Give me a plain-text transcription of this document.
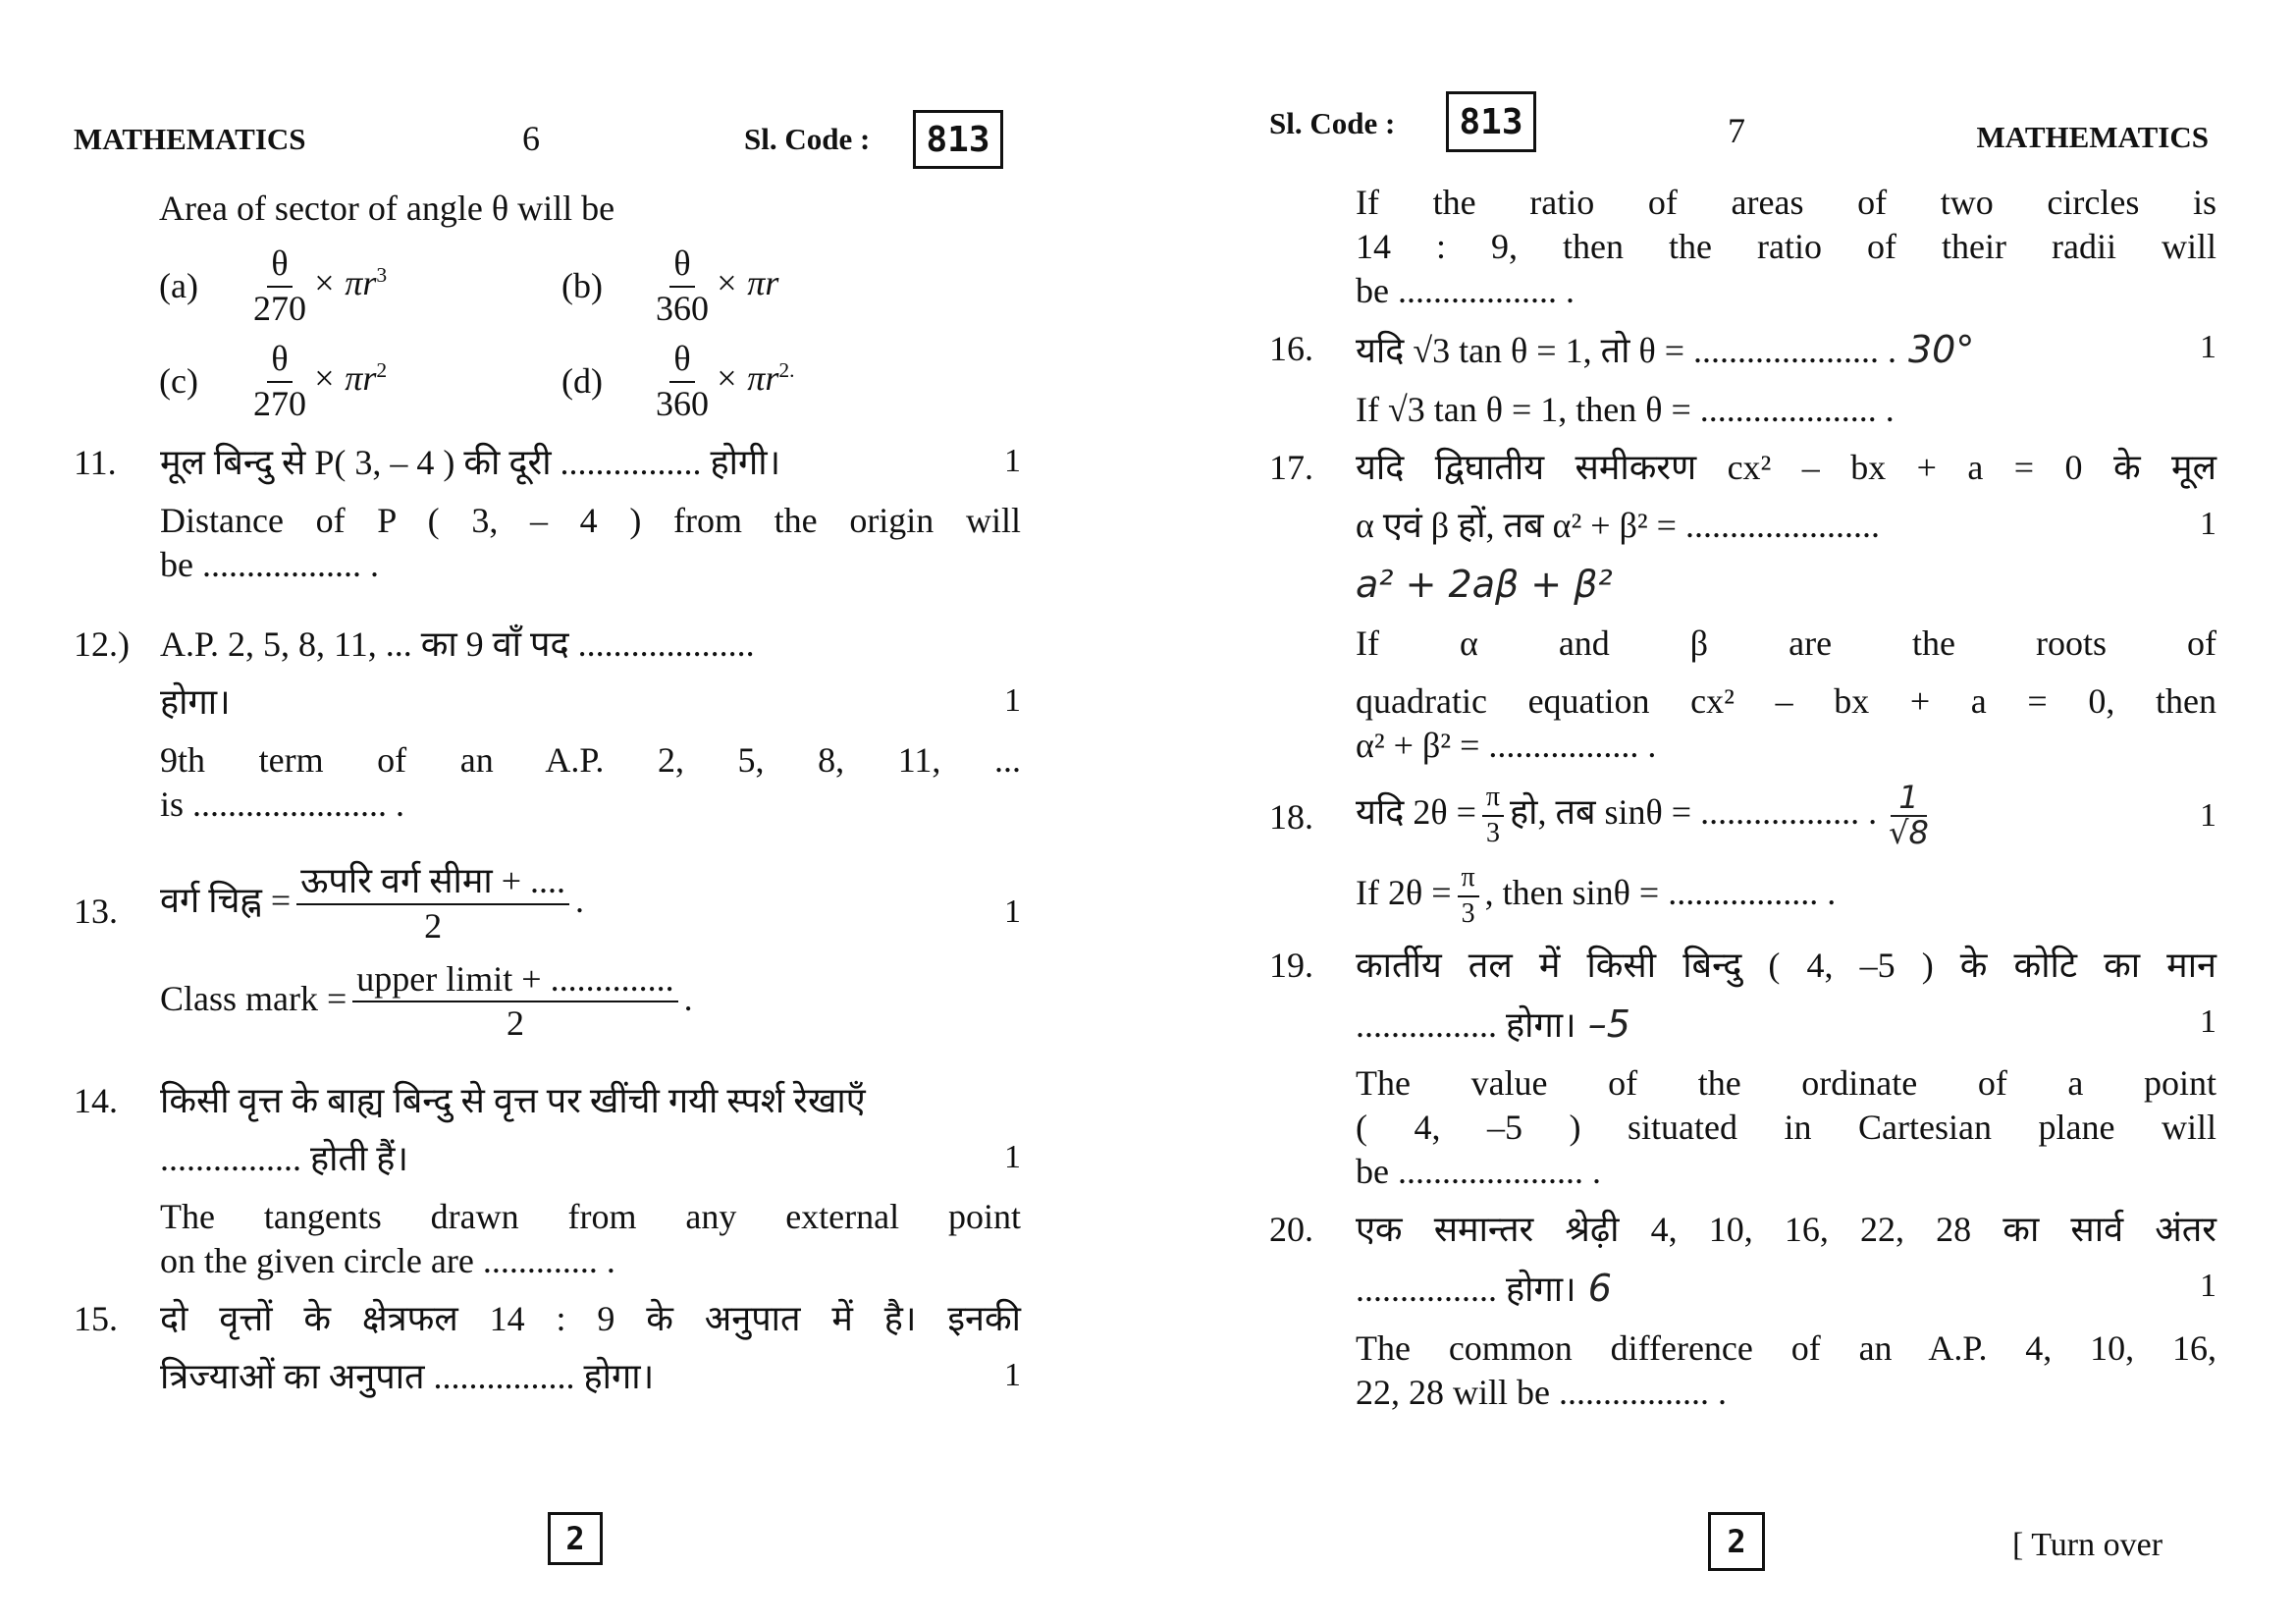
MATHEMATICS	6	Sl. Code :	813
Area of sector of angle θ will be
(a)	$\frac{\theta}{270} \times \pi r^3$	(b)	$\frac{\theta}{360} \times \pi r$
(c)	$\frac{\theta}{270} \times \pi r^2$	(d)	$\frac{\theta}{360} \times \pi r^{2.}$
11.	1
मूल बिन्दु से P( 3, – 4 ) की दूरी ................ होगी।
Distance of P ( 3, – 4 ) from the origin will
be .................. .
12.) A.P. 2, 5, 8, 11, ... का 9 वाँ पद ....................
1
होगा।
9th term of an A.P. 2, 5, 8, 11, ...
is ...................... .
13.	1
वर्ग चिह्न = $\frac{\text{ऊपरि वर्ग सीमा + ....}}{2}$ .
Class mark = $\frac{\text{upper limit + ..............}}{2}$ .
14.	किसी वृत्त के बाह्य बिन्दु से वृत्त पर खींची गयी स्पर्श रेखाएँ
1
................ होती हैं।
The tangents drawn from any external point
on the given circle are ............. .
15.	दो वृत्तों के क्षेत्रफल 14 : 9 के अनुपात में है। इनकी
1
त्रिज्याओं का अनुपात ................ होगा।
2
Sl. Code :	813	7	MATHEMATICS
If the ratio of areas of two circles is
14 : 9, then the ratio of their radii will
be .................. .
16.	1
यदि √3 tan θ = 1, तो θ = ..................... . 30°
If √3 tan θ = 1, then θ = .................... .
17.	यदि द्विघातीय समीकरण cx² – bx + a = 0 के मूल
1
α एवं β हों, तब α² + β² = ......................
a² + 2aβ + β²
If α and β are the roots of
quadratic equation cx² – bx + a = 0, then
α² + β² = ................. .
18.	1
यदि $2\theta = \frac{\pi}{3}$ हो, तब sinθ = .................. . $\frac{1}{√8}$
If $2\theta = \frac{\pi}{3}$ , then sinθ = ................. .
19.	कार्तीय तल में किसी बिन्दु ( 4, –5 ) के कोटि का मान
1
................ होगा। –5
The value of the ordinate of a point
( 4, –5 ) situated in Cartesian plane will
be ..................... .
20.	एक समान्तर श्रेढ़ी 4, 10, 16, 22, 28 का सार्व अंतर
1
................ होगा। 6
The common difference of an A.P. 4, 10, 16,
22, 28 will be ................. .
2	[ Turn over
